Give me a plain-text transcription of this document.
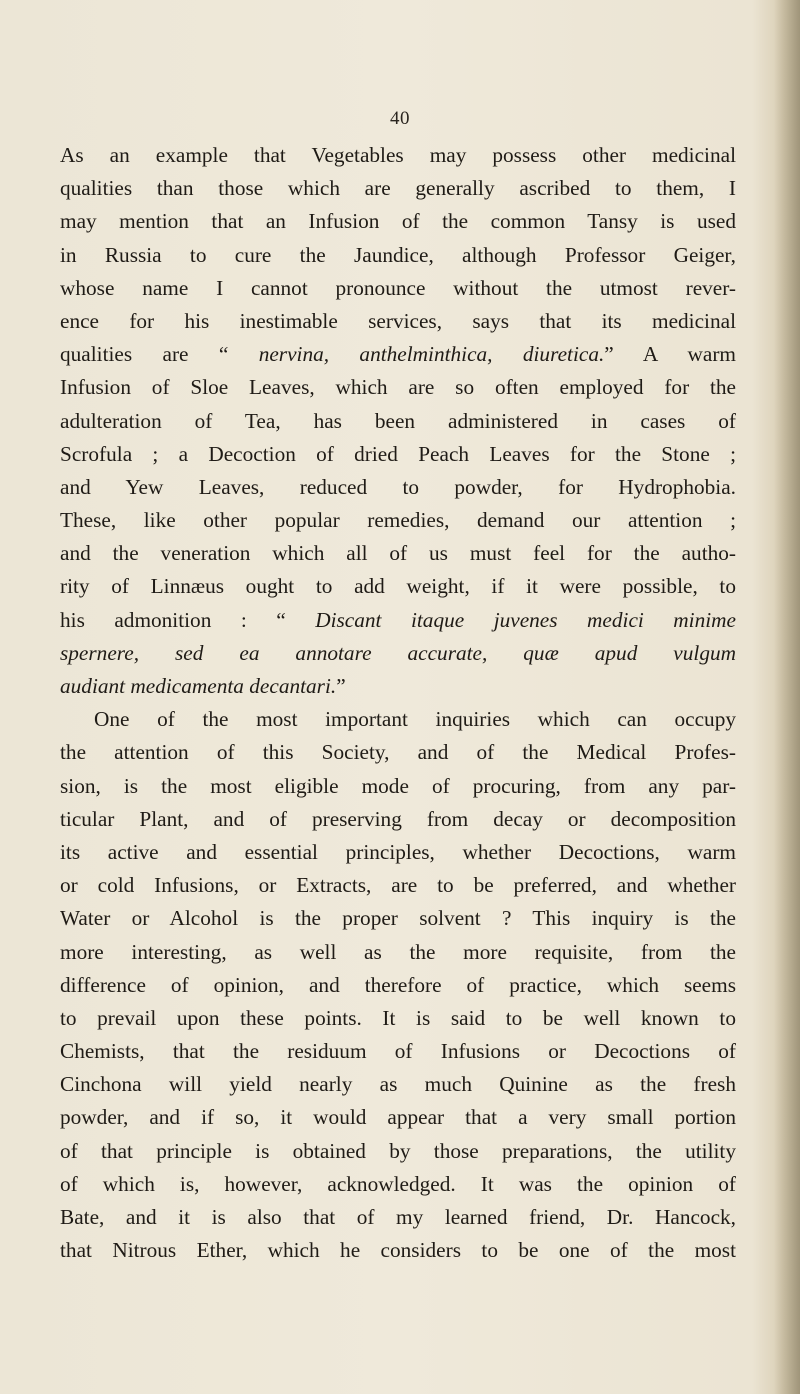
40
As an example that Vegetables may possess other medicinal
qualities than those which are generally ascribed to them, I
may mention that an Infusion of the common Tansy is used
in Russia to cure the Jaundice, although Professor Geiger,
whose name I cannot pronounce without the utmost rever-
ence for his inestimable services, says that its medicinal
qualities are “ nervina, anthelminthica, diuretica.” A warm
Infusion of Sloe Leaves, which are so often employed for the
adulteration of Tea, has been administered in cases of
Scrofula ; a Decoction of dried Peach Leaves for the Stone ;
and Yew Leaves, reduced to powder, for Hydrophobia.
These, like other popular remedies, demand our attention ;
and the veneration which all of us must feel for the autho-
rity of Linnæus ought to add weight, if it were possible, to
his admonition : “ Discant itaque juvenes medici minime
spernere, sed ea annotare accurate, quæ apud vulgum
audiant medicamenta decantari.”
One of the most important inquiries which can occupy
the attention of this Society, and of the Medical Profes-
sion, is the most eligible mode of procuring, from any par-
ticular Plant, and of preserving from decay or decomposition
its active and essential principles, whether Decoctions, warm
or cold Infusions, or Extracts, are to be preferred, and whether
Water or Alcohol is the proper solvent ? This inquiry is the
more interesting, as well as the more requisite, from the
difference of opinion, and therefore of practice, which seems
to prevail upon these points. It is said to be well known to
Chemists, that the residuum of Infusions or Decoctions of
Cinchona will yield nearly as much Quinine as the fresh
powder, and if so, it would appear that a very small portion
of that principle is obtained by those preparations, the utility
of which is, however, acknowledged. It was the opinion of
Bate, and it is also that of my learned friend, Dr. Hancock,
that Nitrous Ether, which he considers to be one of the most
